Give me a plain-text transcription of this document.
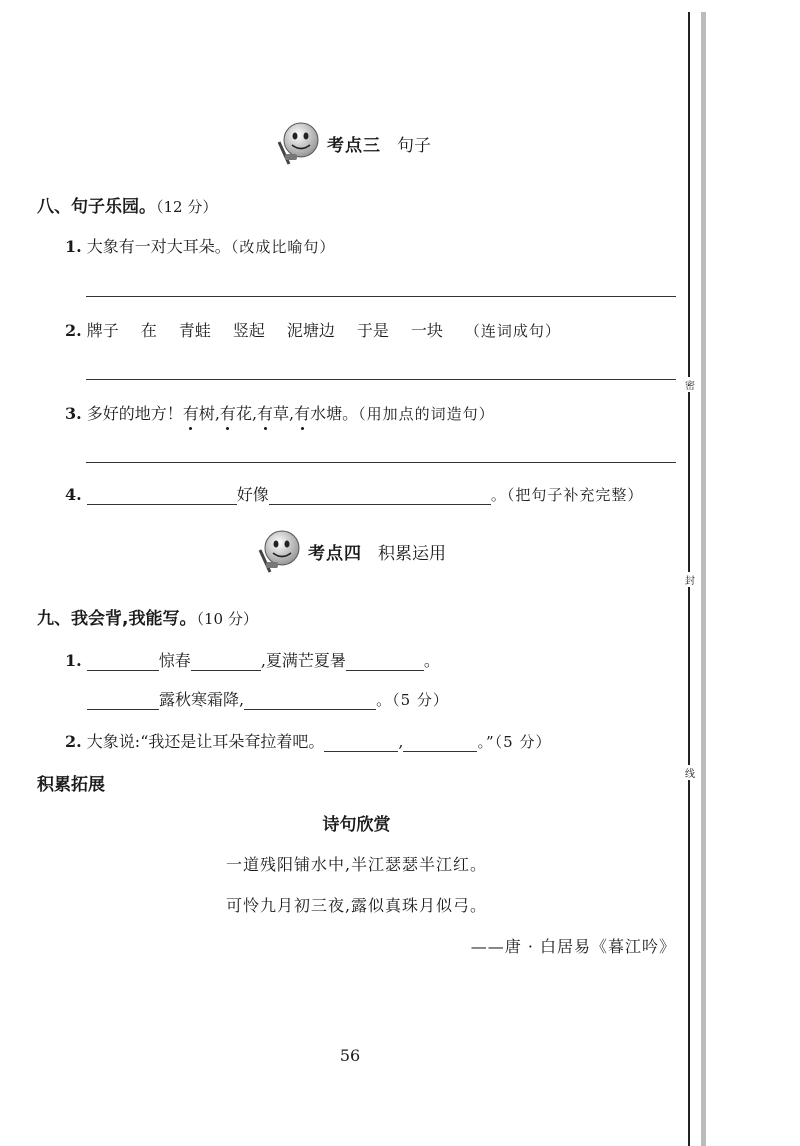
密
封
线
考点三 句子
八、句子乐园。（12 分）
1. 大象有一对大耳朵。（改成比喻句）
2. 牌子 在 青蛙 竖起 泥塘边 于是 一块 （连词成句）
3. 多好的地方！有树,有花,有草,有水塘。（用加点的词造句）
4.	好像	。（把句子补充完整）
考点四 积累运用
九、我会背,我能写。（10 分）
1.	惊春	,夏满芒夏暑	。
露秋寒霜降,	。（5 分）
2. 大象说:“我还是让耳朵耷拉着吧。	,	。”（5 分）
积累拓展
诗句欣赏
一道残阳铺水中,半江瑟瑟半江红。
可怜九月初三夜,露似真珠月似弓。
——唐 · 白居易《暮江吟》
56
